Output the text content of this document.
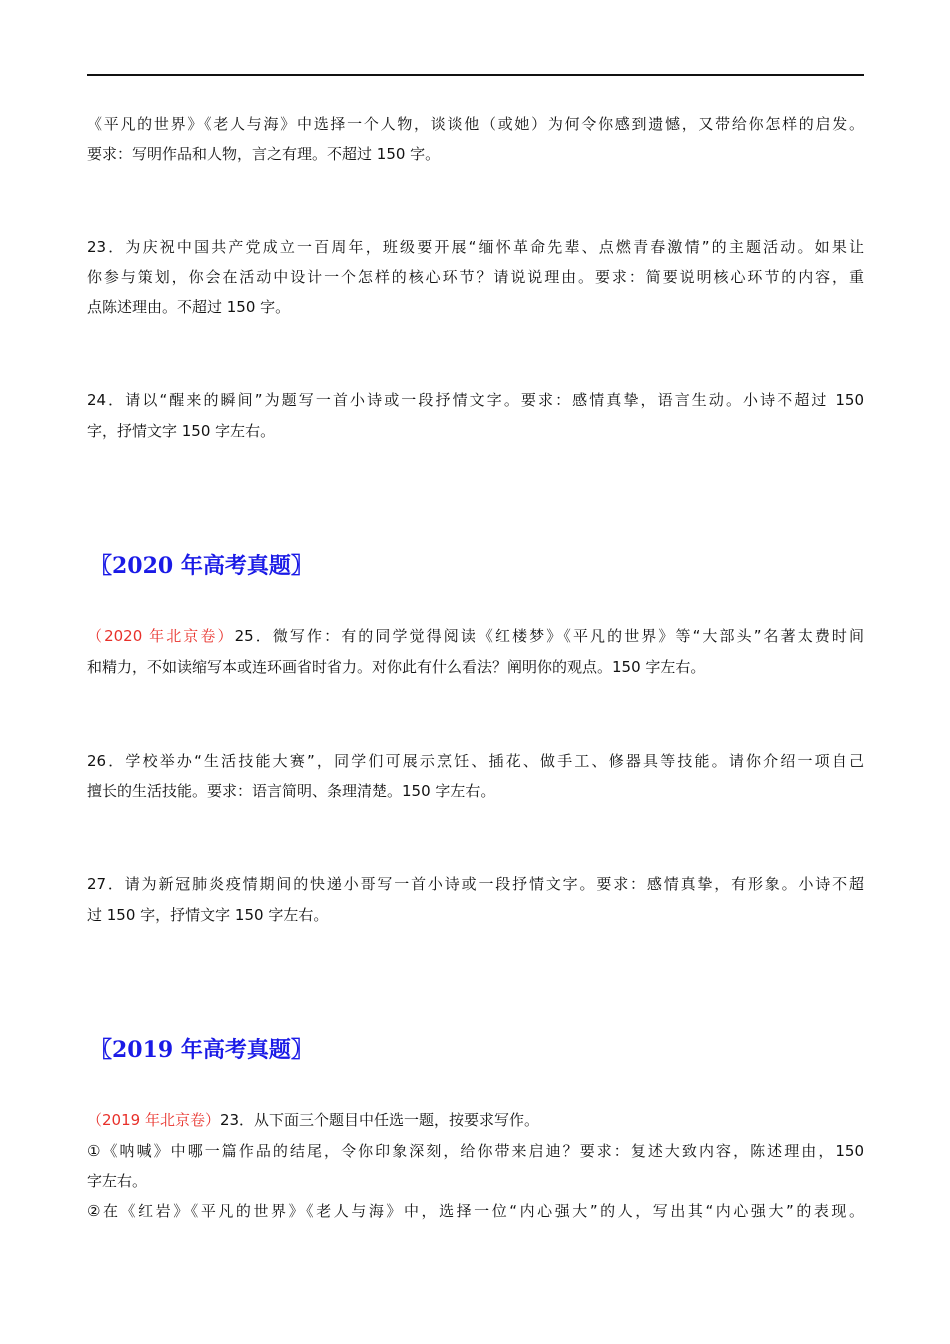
《平凡的世界》《老人与海》中选择一个人物，谈谈他（或她）为何令你感到遗憾，又带给你怎样的启发。
要求：写明作品和人物，言之有理。不超过 150 字。
23．为庆祝中国共产党成立一百周年，班级要开展“缅怀革命先辈、点燃青春激情”的主题活动。如果让
你参与策划，你会在活动中设计一个怎样的核心环节？请说说理由。要求：简要说明核心环节的内容，重
点陈述理由。不超过 150 字。
24．请以“醒来的瞬间”为题写一首小诗或一段抒情文字。要求：感情真挚，语言生动。小诗不超过 150
字，抒情文字 150 字左右。
〖2020 年高考真题〗
（2020 年北京卷）25．微写作：有的同学觉得阅读《红楼梦》《平凡的世界》等“大部头”名著太费时间
和精力，不如读缩写本或连环画省时省力。对你此有什么看法？阐明你的观点。150 字左右。
26．学校举办“生活技能大赛”，同学们可展示烹饪、插花、做手工、修器具等技能。请你介绍一项自己
擅长的生活技能。要求：语言简明、条理清楚。150 字左右。
27．请为新冠肺炎疫情期间的快递小哥写一首小诗或一段抒情文字。要求：感情真挚，有形象。小诗不超
过 150 字，抒情文字 150 字左右。
〖2019 年高考真题〗
（2019 年北京卷）23．从下面三个题目中任选一题，按要求写作。
①《呐喊》中哪一篇作品的结尾，令你印象深刻，给你带来启迪？要求：复述大致内容，陈述理由，150
字左右。
②在《红岩》《平凡的世界》《老人与海》中，选择一位“内心强大”的人，写出其“内心强大”的表现。
